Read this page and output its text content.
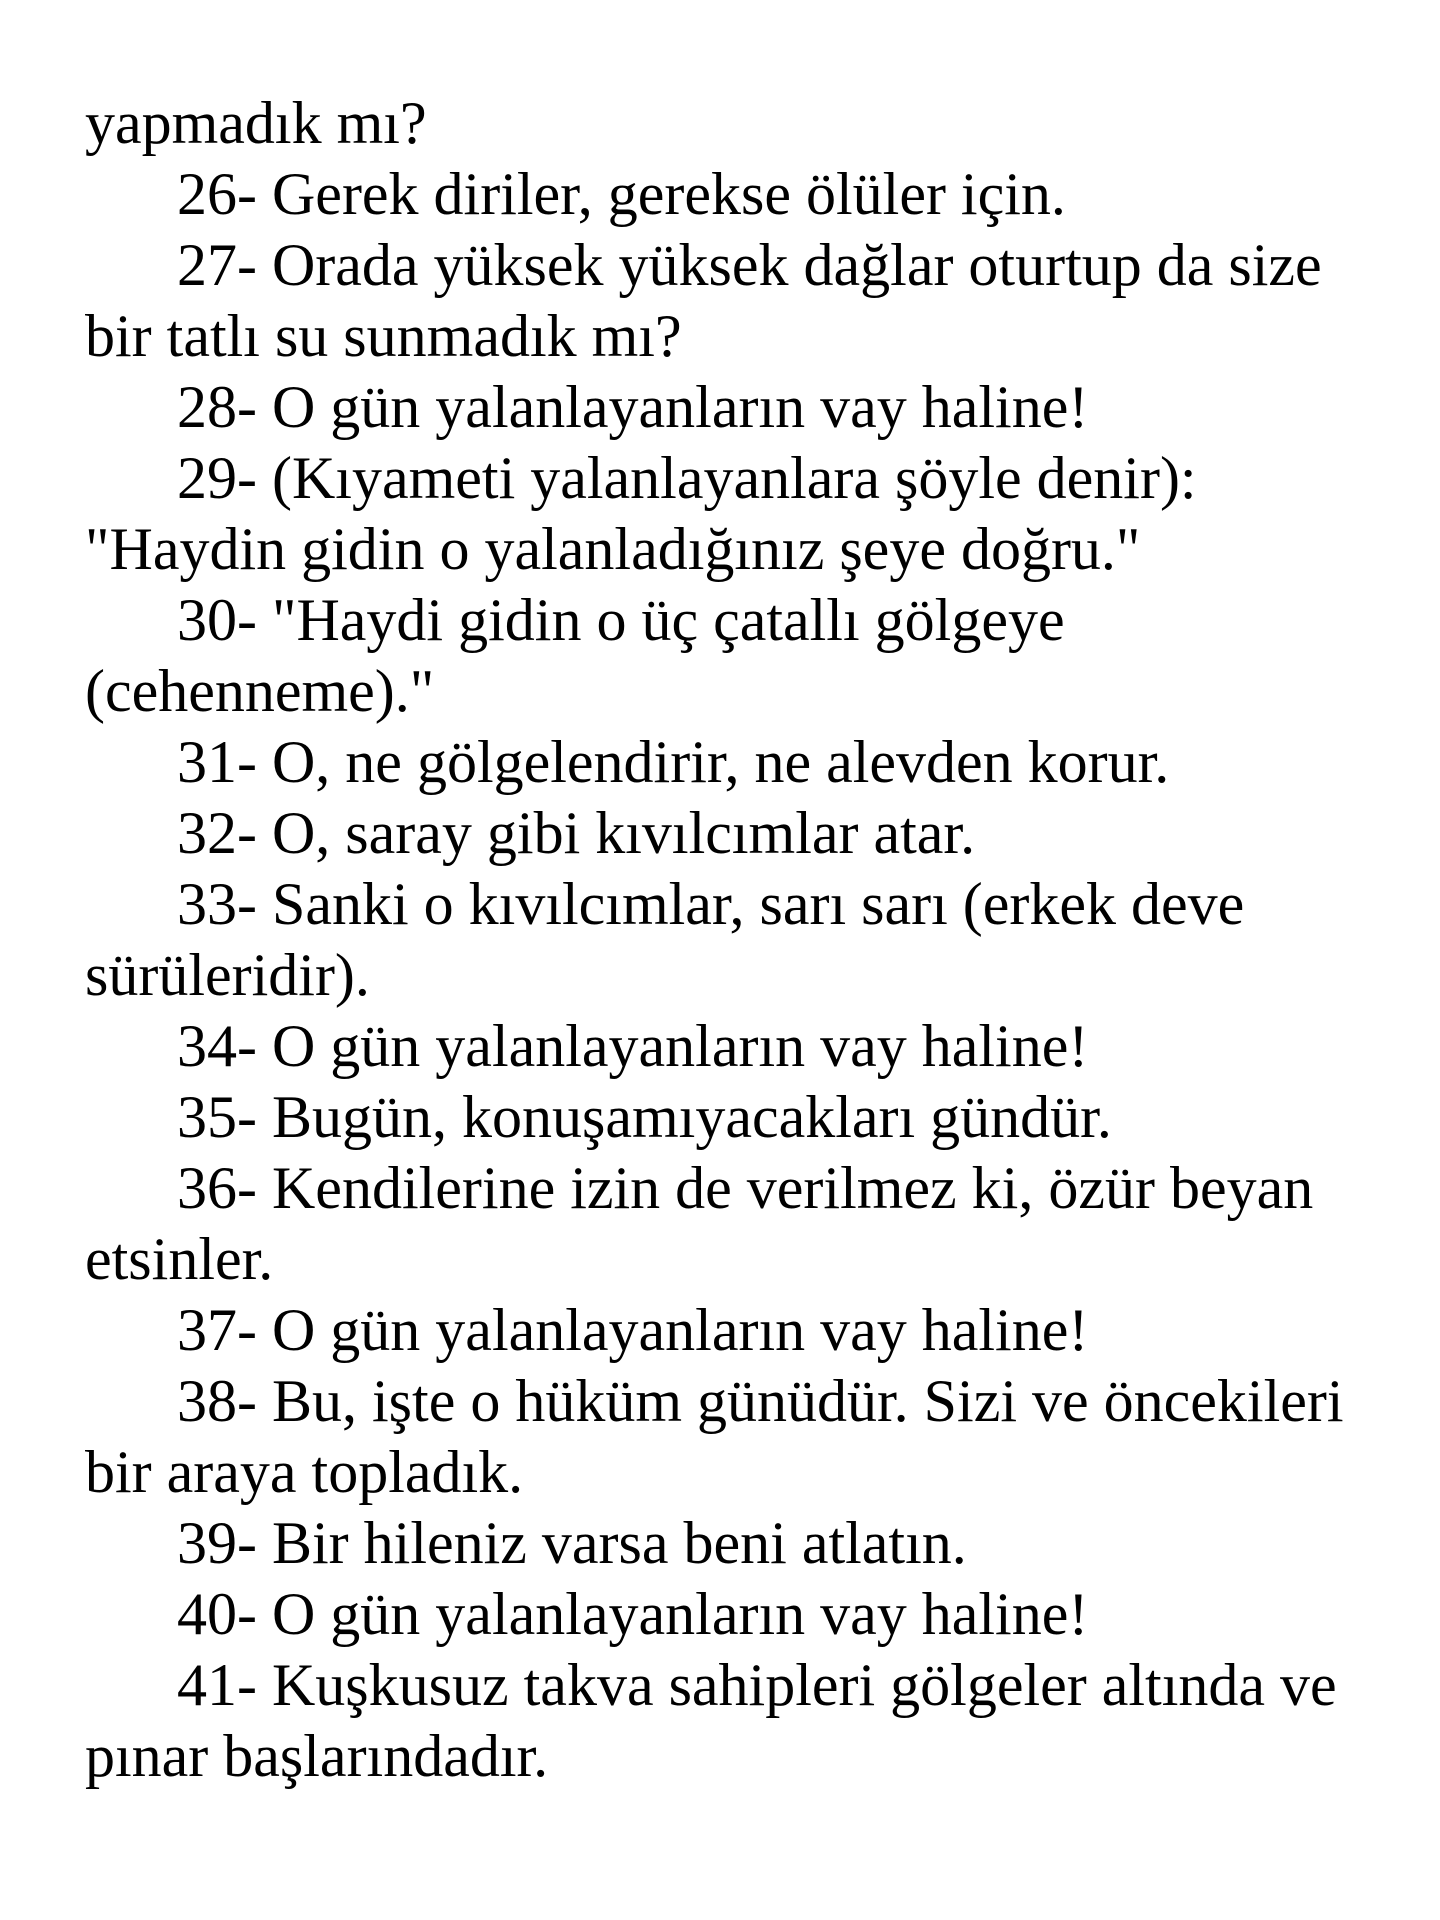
yapmadık mı?

26- Gerek diriler, gerekse ölüler için.

27- Orada yüksek yüksek dağlar oturtup da size bir tatlı su sunmadık mı?

28- O gün yalanlayanların vay haline!

29- (Kıyameti yalanlayanlara şöyle denir): "Haydin gidin o yalanladığınız şeye doğru."

30- "Haydi gidin o üç çatallı gölgeye (cehenneme)."

31- O, ne gölgelendirir, ne alevden korur.

32- O, saray gibi kıvılcımlar atar.

33- Sanki o kıvılcımlar, sarı sarı (erkek deve sürüleridir).

34- O gün yalanlayanların vay haline!

35- Bugün, konuşamıyacakları gündür.

36- Kendilerine izin de verilmez ki, özür beyan etsinler.

37- O gün yalanlayanların vay haline!

38- Bu, işte o hüküm günüdür. Sizi ve öncekileri bir araya topladık.

39- Bir hileniz varsa beni atlatın.

40- O gün yalanlayanların vay haline!

41- Kuşkusuz takva sahipleri gölgeler altında ve pınar başlarındadır.
